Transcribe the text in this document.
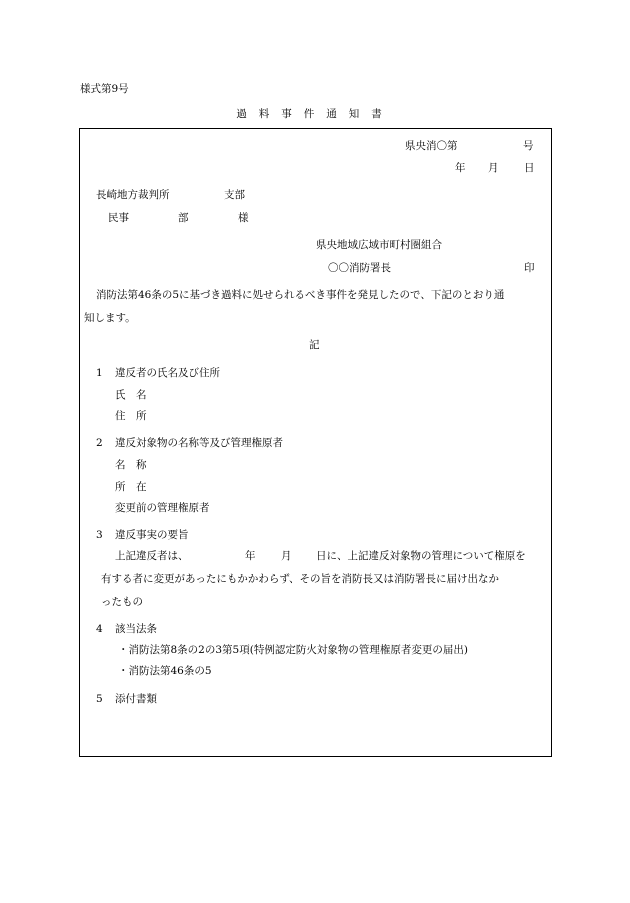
様式第9号
過料事件通知書
県央消〇第	号
年 月 日
長崎地方裁判所	支部
民事	部	様
県央地域広域市町村圏組合
〇〇消防署長	印
消防法第46条の5に基づき過料に処せられるべき事件を発見したので、下記のとおり通
知します。
記
1 違反者の氏名及び住所
氏　名
住　所
2 違反対象物の名称等及び管理権原者
名　称
所　在
変更前の管理権原者
3 違反事実の要旨
上記違反者は、	年 月 日に、上記違反対象物の管理について権原を
有する者に変更があったにもかかわらず、その旨を消防長又は消防署長に届け出なか
ったもの
4 該当法条
・消防法第8条の2の3第5項(特例認定防火対象物の管理権原者変更の届出)
・消防法第46条の5
5 添付書類
